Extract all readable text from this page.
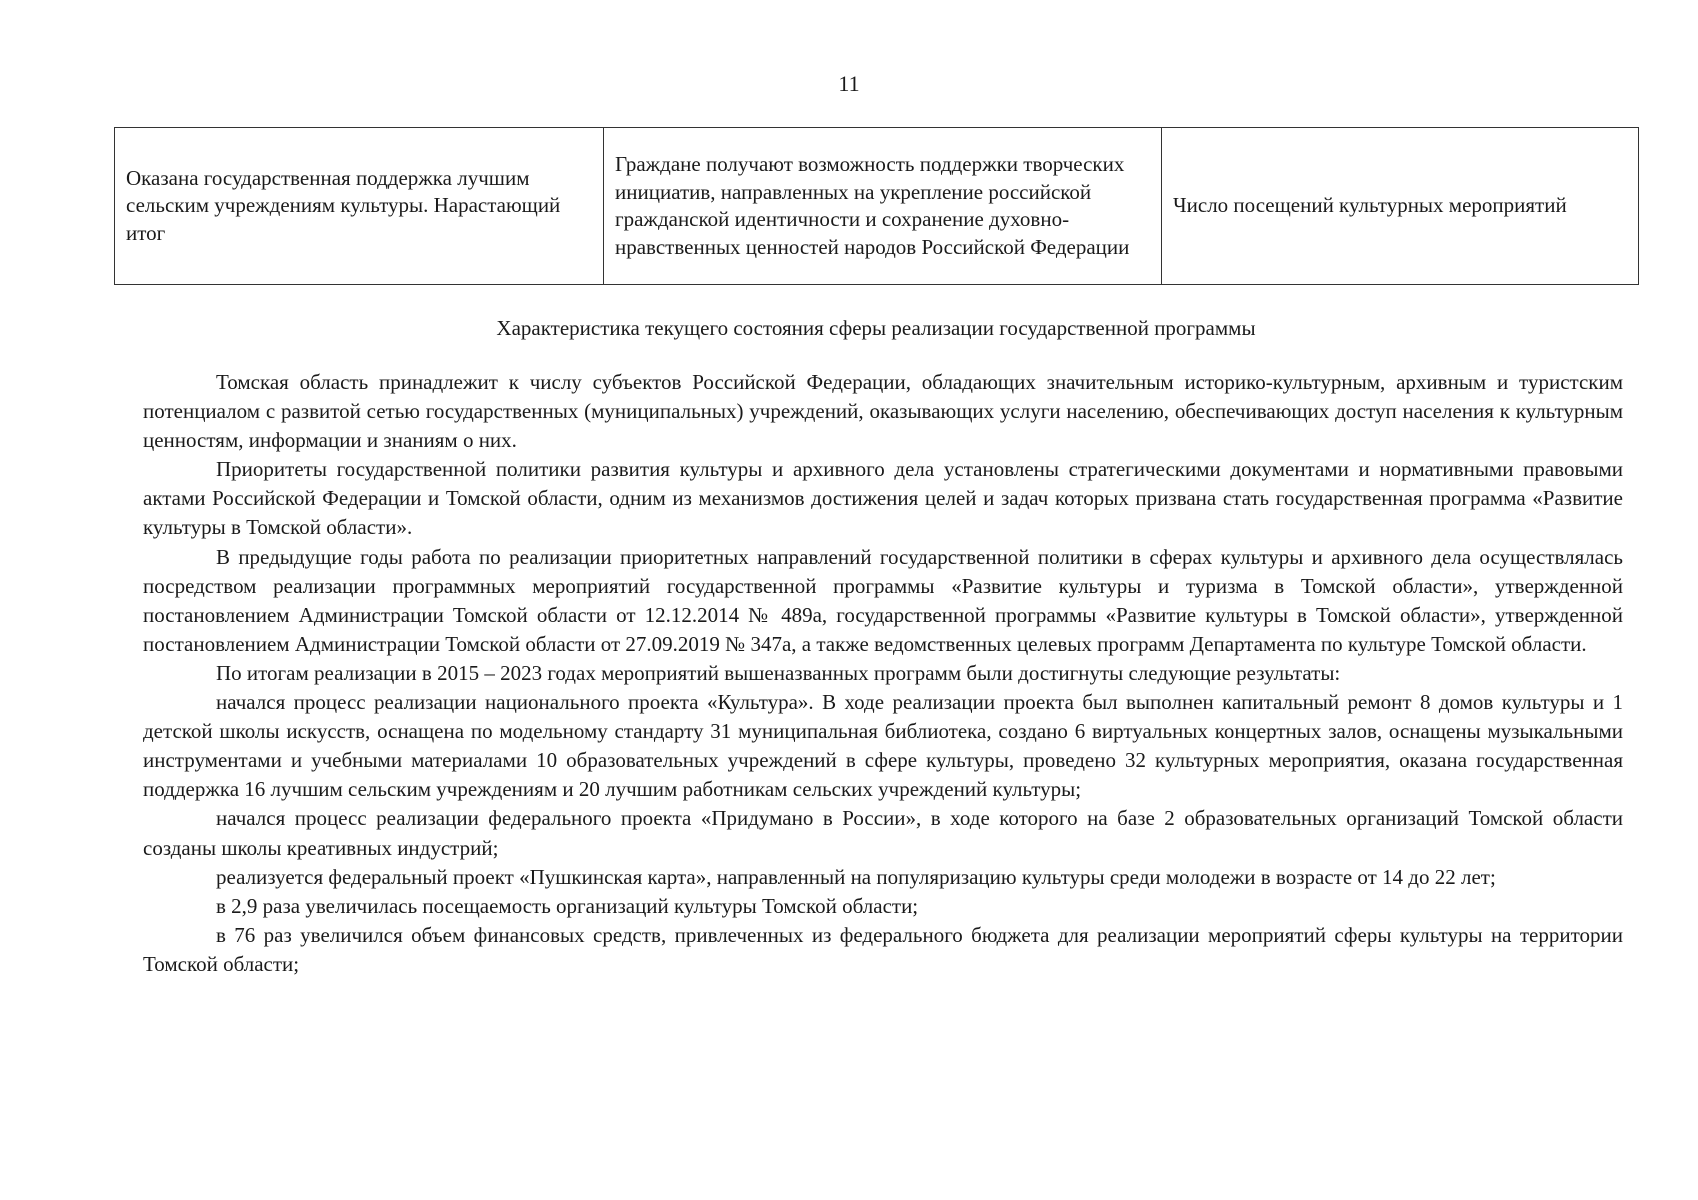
11
Оказана государственная поддержка лучшим сельским учреждениям культуры. Нарастающий итог	Граждане получают возможность поддержки творческих инициатив, направленных на укрепление российской гражданской идентичности и сохранение духовно-нравственных ценностей народов Российской Федерации	Число посещений культурных мероприятий
Характеристика текущего состояния сферы реализации государственной программы

Томская область принадлежит к числу субъектов Российской Федерации, обладающих значительным историко-культурным, архивным и туристским потенциалом с развитой сетью государственных (муниципальных) учреждений, оказывающих услуги населению, обеспечивающих доступ населения к культурным ценностям, информации и знаниям о них.

Приоритеты государственной политики развития культуры и архивного дела установлены стратегическими документами и нормативными правовыми актами Российской Федерации и Томской области, одним из механизмов достижения целей и задач которых призвана стать государственная программа «Развитие культуры в Томской области».

В предыдущие годы работа по реализации приоритетных направлений государственной политики в сферах культуры и архивного дела осуществлялась посредством реализации программных мероприятий государственной программы «Развитие культуры и туризма в Томской области», утвержденной постановлением Администрации Томской области от 12.12.2014 № 489а, государственной программы «Развитие культуры в Томской области», утвержденной постановлением Администрации Томской области от 27.09.2019 № 347а, а также ведомственных целевых программ Департамента по культуре Томской области.

По итогам реализации в 2015 – 2023 годах мероприятий вышеназванных программ были достигнуты следующие результаты:

начался процесс реализации национального проекта «Культура». В ходе реализации проекта был выполнен капитальный ремонт 8 домов культуры и 1 детской школы искусств, оснащена по модельному стандарту 31 муниципальная библиотека, создано 6 виртуальных концертных залов, оснащены музыкальными инструментами и учебными материалами 10 образовательных учреждений в сфере культуры, проведено 32 культурных мероприятия, оказана государственная поддержка 16 лучшим сельским учреждениям и 20 лучшим работникам сельских учреждений культуры;

начался процесс реализации федерального проекта «Придумано в России», в ходе которого на базе 2 образовательных организаций Томской области созданы школы креативных индустрий;

реализуется федеральный проект «Пушкинская карта», направленный на популяризацию культуры среди молодежи в возрасте от 14 до 22 лет;

в 2,9 раза увеличилась посещаемость организаций культуры Томской области;

в 76 раз увеличился объем финансовых средств, привлеченных из федерального бюджета для реализации мероприятий сферы культуры на территории Томской области;
